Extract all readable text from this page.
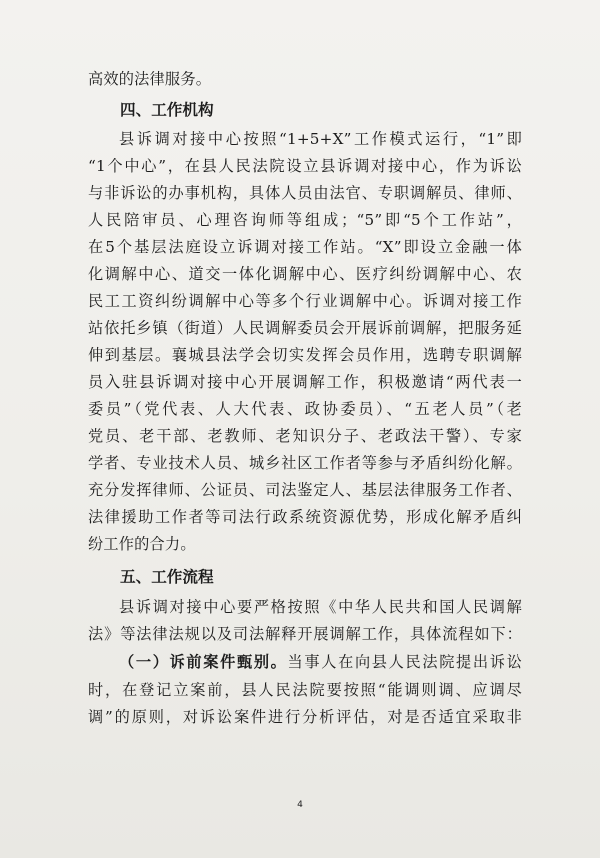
高效的法律服务。
四、工作机构
县诉调对接中心按照“1+5+X”工作模式运行，“1”即
“1个中心”，在县人民法院设立县诉调对接中心，作为诉讼
与非诉讼的办事机构，具体人员由法官、专职调解员、律师、
人民陪审员、心理咨询师等组成；“5”即“5个工作站”，
在5个基层法庭设立诉调对接工作站。“X”即设立金融一体
化调解中心、道交一体化调解中心、医疗纠纷调解中心、农
民工工资纠纷调解中心等多个行业调解中心。诉调对接工作
站依托乡镇（街道）人民调解委员会开展诉前调解，把服务延
伸到基层。襄城县法学会切实发挥会员作用，选聘专职调解
员入驻县诉调对接中心开展调解工作，积极邀请“两代表一
委员”（党代表、人大代表、政协委员）、“五老人员”（老
党员、老干部、老教师、老知识分子、老政法干警）、专家
学者、专业技术人员、城乡社区工作者等参与矛盾纠纷化解。
充分发挥律师、公证员、司法鉴定人、基层法律服务工作者、
法律援助工作者等司法行政系统资源优势，形成化解矛盾纠
纷工作的合力。
五、工作流程
县诉调对接中心要严格按照《中华人民共和国人民调解
法》等法律法规以及司法解释开展调解工作，具体流程如下：
（一）诉前案件甄别。当事人在向县人民法院提出诉讼
时，在登记立案前，县人民法院要按照“能调则调、应调尽
调”的原则，对诉讼案件进行分析评估，对是否适宜采取非
4
